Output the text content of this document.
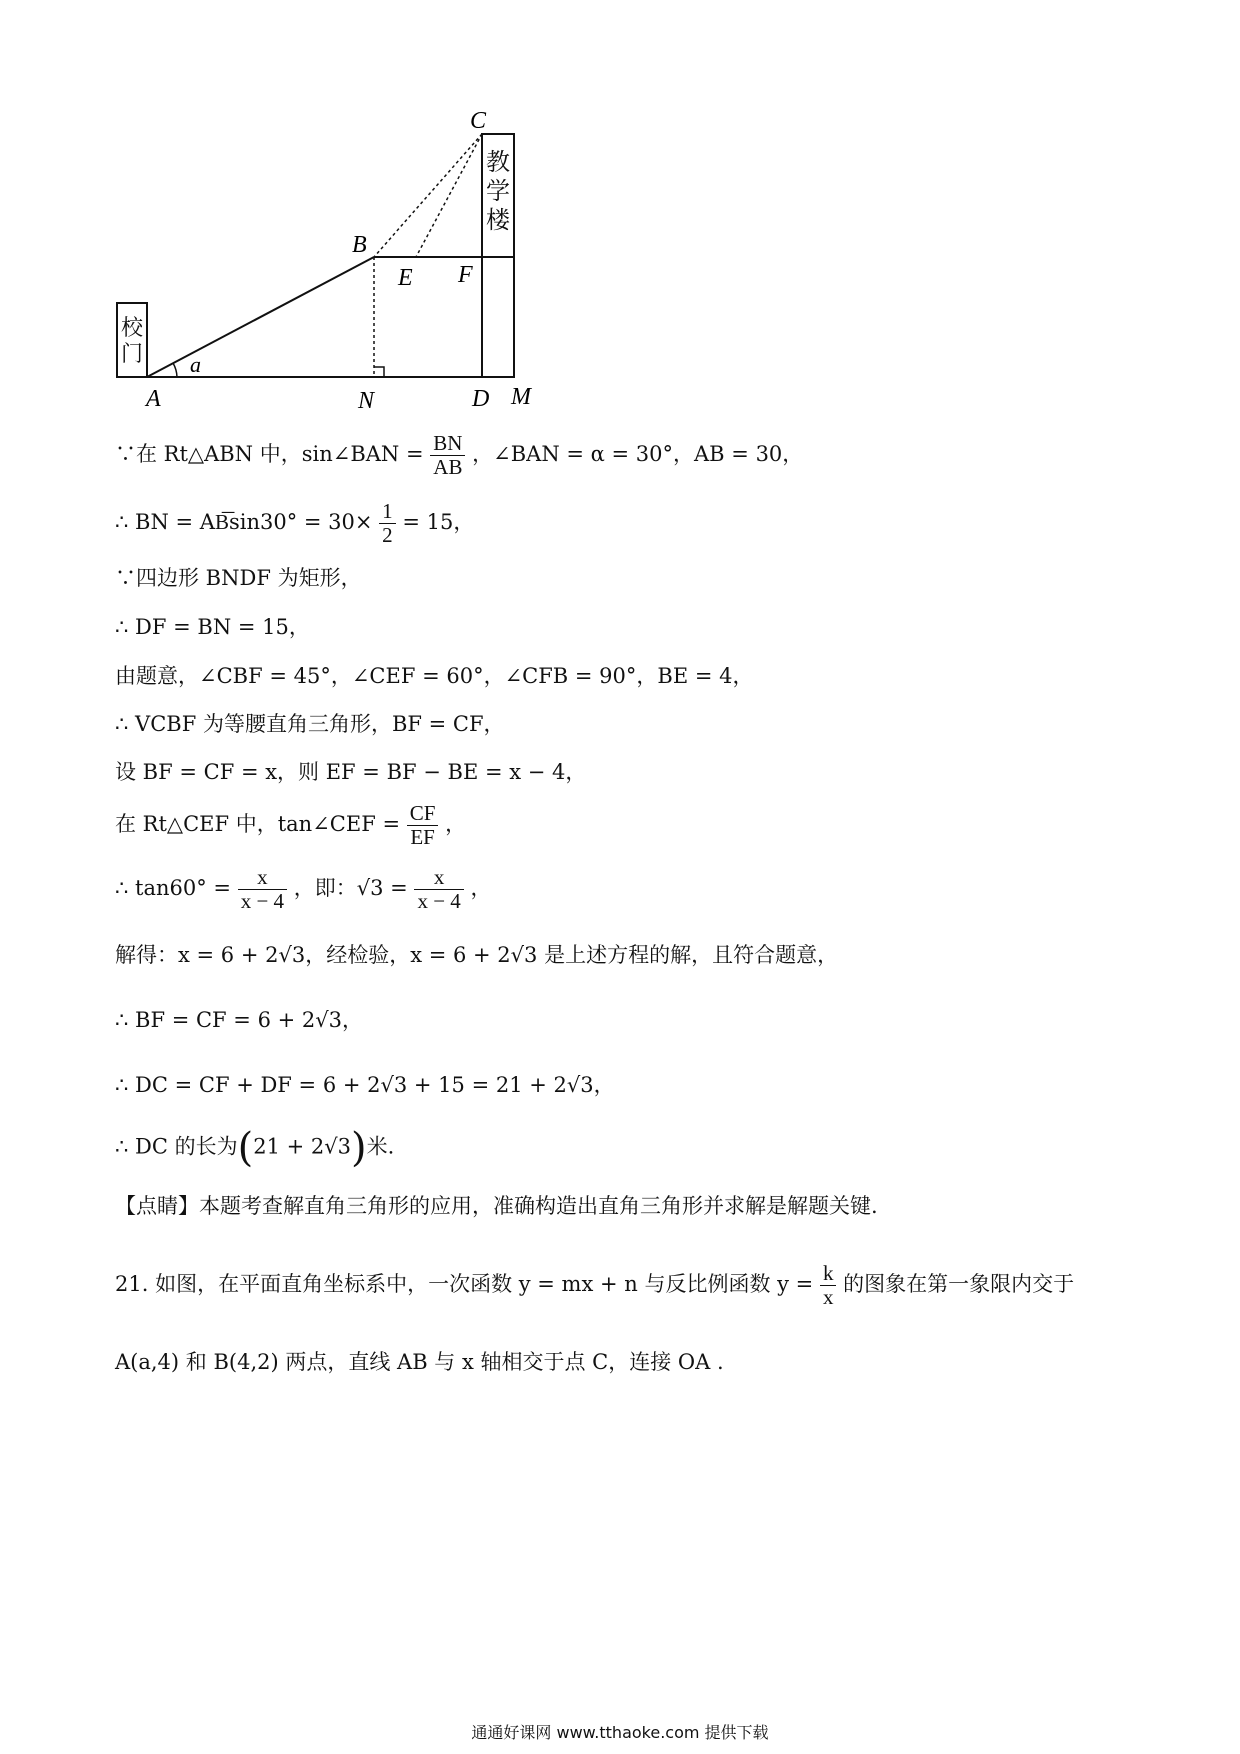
A	N	D M
B
E F
C
a
校门
教学楼
∵在 Rt△ABN 中，sin∠BAN = $\frac{BN}{AB}$ ，∠BAN = α = 30°，AB = 30，
∴ BN = AB͞sin30° = $30\times \frac{1}{2} = 15$，
∵四边形 BNDF 为矩形，
∴ DF = BN = 15，
由题意，∠CBF = 45°，∠CEF = 60°，∠CFB = 90°，BE = 4，
∴ VCBF 为等腰直角三角形，BF = CF，
设 BF = CF = x，则 EF = BF − BE = x − 4，
在 Rt△CEF 中，tan∠CEF = $\frac{CF}{EF}$ ，
∴ $\tan 60^\circ = \frac{x}{x - 4}$ ，即：$√3 = \frac{x}{x - 4}$ ，
解得：x = 6 + 2√3，经检验，x = 6 + 2√3 是上述方程的解，且符合题意，
∴ BF = CF = 6 + 2√3，
∴ DC = CF + DF = 6 + 2√3 + 15 = 21 + 2√3，
∴ DC 的长为(21 + 2√3)米.
【点睛】本题考查解直角三角形的应用，准确构造出直角三角形并求解是解题关键.
21. 如图，在平面直角坐标系中，一次函数 y = mx + n 与反比例函数 $y = \frac{k}{x}$ 的图象在第一象限内交于
A(a,4) 和 B(4,2) 两点，直线 AB 与 x 轴相交于点 C，连接 OA .
通通好课网 www.tthaoke.com 提供下载
